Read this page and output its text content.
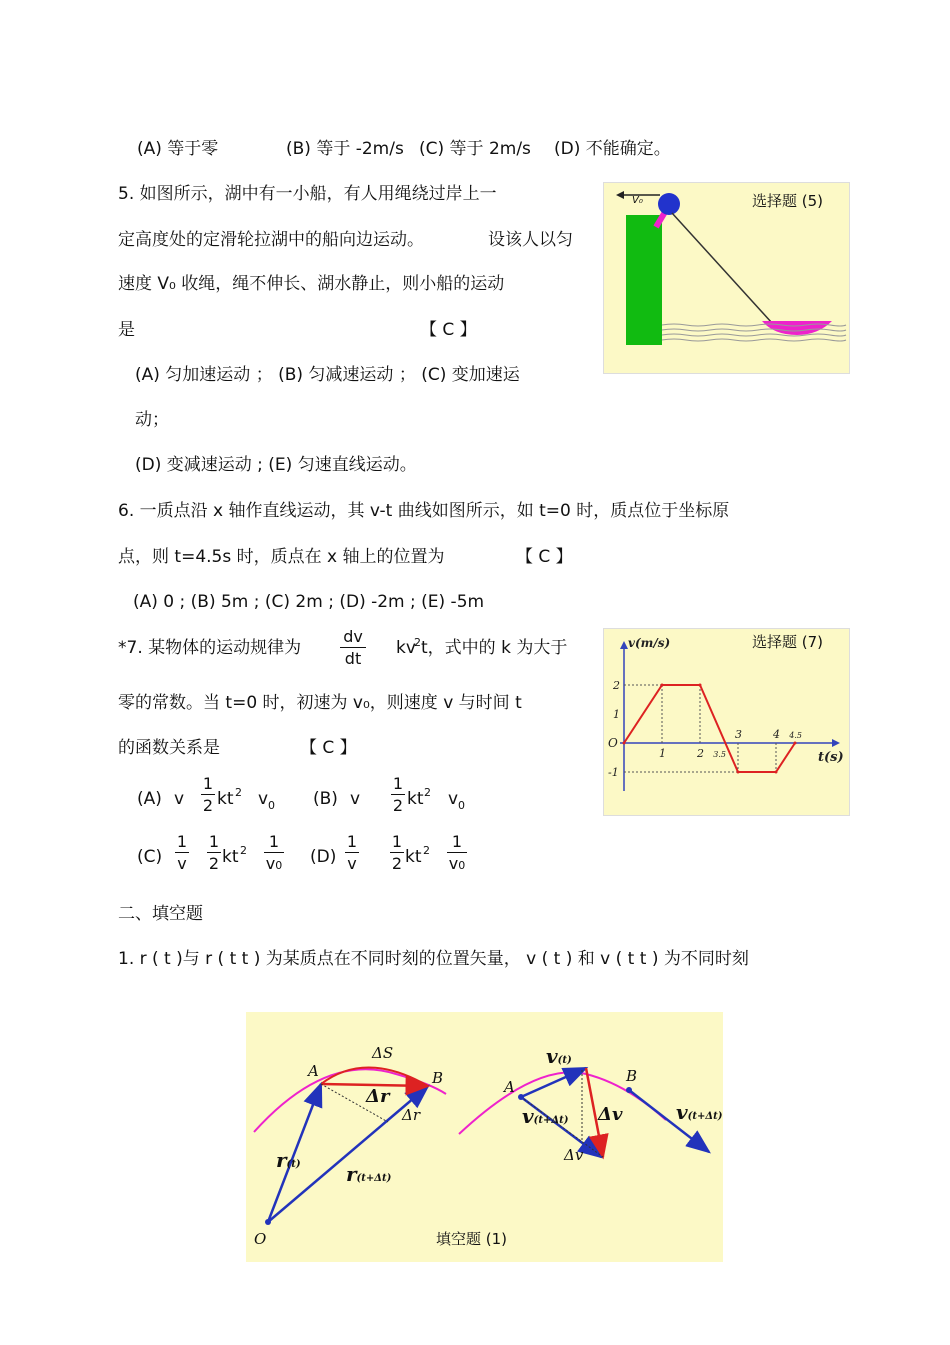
(A) 等于零	(B) 等于 -2m/s (C) 等于 2m/s (D) 不能确定。
5. 如图所示，湖中有一小船，有人用绳绕过岸上一
定高度处的定滑轮拉湖中的船向边运动。	设该人以匀
速度 V₀ 收绳，绳不伸长、湖水静止，则小船的运动
是	【 C 】
(A) 匀加速运动 ； (B) 匀减速运动 ； (C) 变加速运
动；
(D) 变减速运动 ; (E) 匀速直线运动。
V₀	选择题 (5)
6. 一质点沿 x 轴作直线运动，其 v-t 曲线如图所示，如 t=0 时，质点位于坐标原
点，则 t=4.5s 时，质点在 x 轴上的位置为	【 C 】
(A) 0 ; (B) 5m ; (C) 2m ; (D) -2m ; (E) -5m
*7. 某物体的运动规律为
dv
dt
kv
2 t，式中的 k 为大于
零的常数。当 t=0 时，初速为 v₀，则速度 v 与时间 t
的函数关系是	【 C 】
(A) v
1
2 kt 2 v 0 (B) v
1
2 kt 2 v 0
(C)
1
v
1
2 kt 2	1
v0 (D)
1
v
1
2 kt 2	1
v0
1	2 3.5
3	4 4.5
2
1
-1
O
t(s)
v(m/s)	选择题 (7)
二、填空题
1. r ( t )与 r ( t t ) 为某质点在不同时刻的位置矢量， v ( t ) 和 v ( t t ) 为不同时刻
A	B
O
ΔS
Δr
Δr
r(t) r(t+Δt)
A
B
v(t)
v(t+Δt) Δv
Δv
v(t+Δt)
填空题 (1)
